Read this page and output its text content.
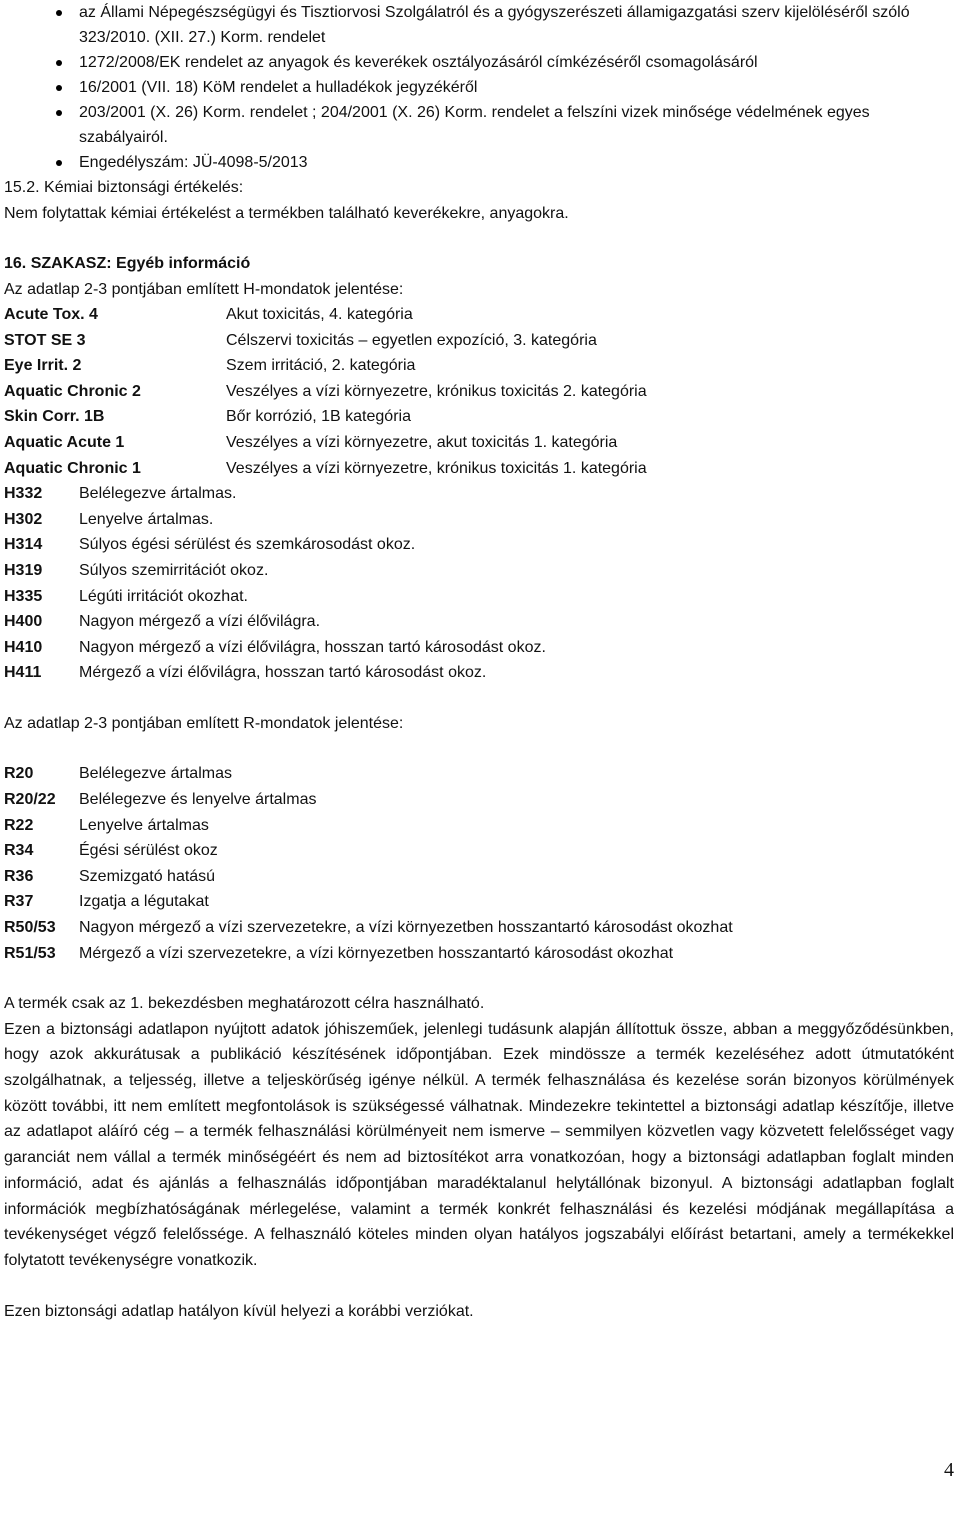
az Állami Népegészségügyi és Tisztiorvosi Szolgálatról és a gyógyszerészeti államigazgatási szerv kijelöléséről szóló 323/2010. (XII. 27.) Korm. rendelet
1272/2008/EK rendelet az anyagok és keverékek osztályozásáról címkézéséről csomagolásáról
16/2001 (VII. 18) KöM rendelet a hulladékok jegyzékéről
203/2001 (X. 26) Korm. rendelet ; 204/2001 (X. 26) Korm. rendelet a felszíni vizek minősége védelmének egyes szabályairól.
Engedélyszám: JÜ-4098-5/2013
15.2. Kémiai biztonsági értékelés:
Nem folytattak kémiai értékelést a termékben található keverékekre, anyagokra.
16. SZAKASZ: Egyéb információ
Az adatlap 2-3 pontjában említett H-mondatok jelentése:
Acute Tox. 4	Akut toxicitás, 4. kategória
STOT SE 3	Célszervi toxicitás – egyetlen expozíció, 3. kategória
Eye Irrit. 2	Szem irritáció, 2. kategória
Aquatic Chronic 2	Veszélyes a vízi környezetre, krónikus toxicitás 2. kategória
Skin Corr. 1B	Bőr korrózió, 1B kategória
Aquatic Acute 1	Veszélyes a vízi környezetre, akut toxicitás 1. kategória
Aquatic Chronic 1	Veszélyes a vízi környezetre, krónikus toxicitás 1. kategória
H332	Belélegezve ártalmas.
H302	Lenyelve ártalmas.
H314	Súlyos égési sérülést és szemkárosodást okoz.
H319	Súlyos szemirritációt okoz.
H335	Légúti irritációt okozhat.
H400	Nagyon mérgező a vízi élővilágra.
H410	Nagyon mérgező a vízi élővilágra, hosszan tartó károsodást okoz.
H411	Mérgező a vízi élővilágra, hosszan tartó károsodást okoz.
Az adatlap 2-3 pontjában említett R-mondatok jelentése:
R20	Belélegezve ártalmas
R20/22	Belélegezve és lenyelve ártalmas
R22	Lenyelve ártalmas
R34	Égési sérülést okoz
R36	Szemizgató hatású
R37	Izgatja a légutakat
R50/53	Nagyon mérgező a vízi szervezetekre, a vízi környezetben hosszantartó károsodást okozhat
R51/53	Mérgező a vízi szervezetekre, a vízi környezetben hosszantartó károsodást okozhat
A termék csak az 1. bekezdésben meghatározott célra használható.

Ezen a biztonsági adatlapon nyújtott adatok jóhiszeműek, jelenlegi tudásunk alapján állítottuk össze, abban a meggyőződésünkben, hogy azok akkurátusak a publikáció készítésének időpontjában. Ezek mindössze a termék kezeléséhez adott útmutatóként szolgálhatnak, a teljesség, illetve a teljeskörűség igénye nélkül. A termék felhasználása és kezelése során bizonyos körülmények között további, itt nem említett megfontolások is szükségessé válhatnak. Mindezekre tekintettel a biztonsági adatlap készítője, illetve az adatlapot aláíró cég – a termék felhasználási körülményeit nem ismerve – semmilyen közvetlen vagy közvetett felelősséget vagy garanciát nem vállal a termék minőségéért és nem ad biztosítékot arra vonatkozóan, hogy a biztonsági adatlapban foglalt minden információ, adat és ajánlás a felhasználás időpontjában maradéktalanul helytállónak bizonyul. A biztonsági adatlapban foglalt információk megbízhatóságának mérlegelése, valamint a termék konkrét felhasználási és kezelési módjának megállapítása a tevékenységet végző felelőssége. A felhasználó köteles minden olyan hatályos jogszabályi előírást betartani, amely a termékekkel folytatott tevékenységre vonatkozik.

Ezen biztonsági adatlap hatályon kívül helyezi a korábbi verziókat.
4
